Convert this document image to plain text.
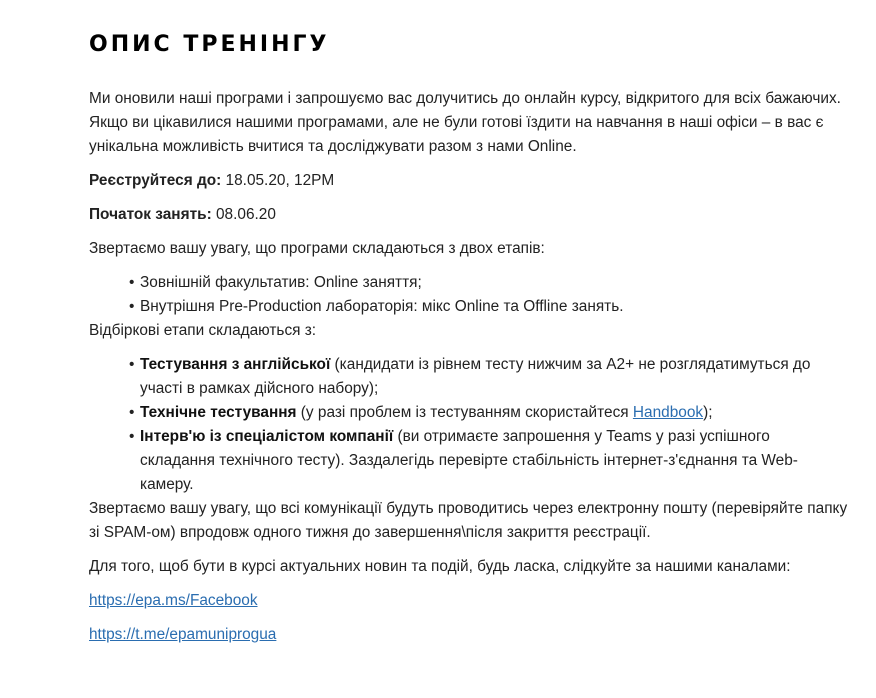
ОПИС ТРЕНІНГУ

Ми оновили наші програми і запрошуємо вас долучитись до онлайн курсу, відкритого для всіх бажаючих. Якщо ви цікавилися нашими програмами, але не були готові їздити на навчання в наші офіси – в вас є унікальна можливість вчитися та досліджувати разом з нами Online.

Реєструйтеся до: 18.05.20, 12PM

Початок занять: 08.06.20

Звертаємо вашу увагу, що програми складаються з двох етапів:

• Зовнішній факультатив: Online заняття;
• Внутрішня Pre-Production лабораторія: мікс Online та Offline занять.

Відбіркові етапи складаються з:

• Тестування з англійської (кандидати із рівнем тесту нижчим за A2+ не розглядатимуться до участі в рамках дійсного набору);
• Технічне тестування (у разі проблем із тестуванням скористайтеся Handbook);
• Інтерв'ю із спеціалістом компанії (ви отримаєте запрошення у Teams у разі успішного складання технічного тесту). Заздалегідь перевірте стабільність інтернет-з'єднання та Web-камеру.

Звертаємо вашу увагу, що всі комунікації будуть проводитись через електронну пошту (перевіряйте папку зі SPAM-ом) впродовж одного тижня до завершення\після закриття реєстрації.

Для того, щоб бути в курсі актуальних новин та подій, будь ласка, слідкуйте за нашими каналами:

https://epa.ms/Facebook

https://t.me/epamuniprogua
